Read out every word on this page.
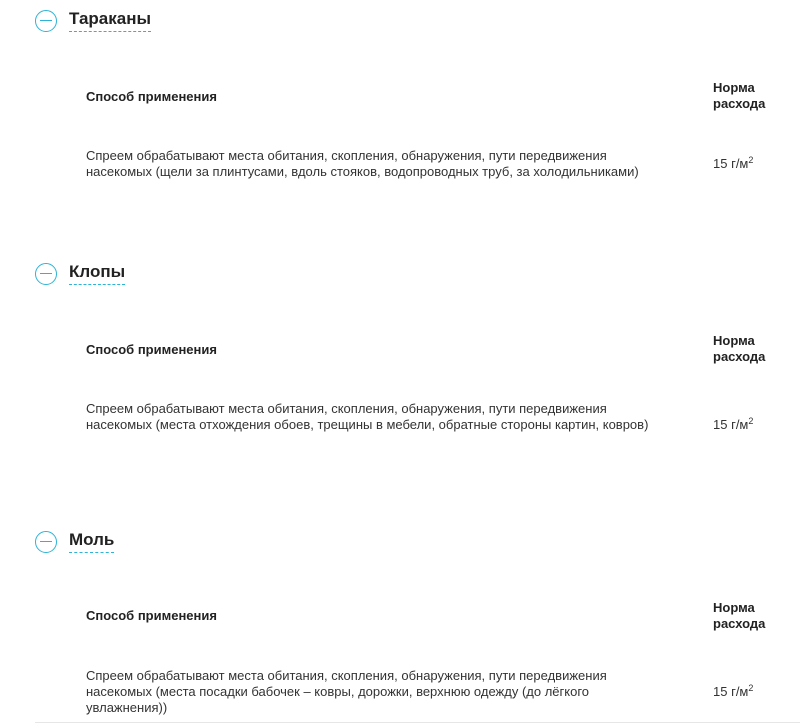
Тараканы
Способ применения
Норма
расхода
Спреем обрабатывают места обитания, скопления, обнаружения, пути передвижения насекомых (щели за плинтусами, вдоль стояков, водопроводных труб, за холодильниками)
15 $г/м^2$
Клопы
Способ применения
Норма
расхода
Спреем обрабатывают места обитания, скопления, обнаружения, пути передвижения насекомых (места отхождения обоев, трещины в мебели, обратные стороны картин, ковров)	15 $г/м^2$
Моль
Способ применения
Норма
расхода
Спреем обрабатывают места обитания, скопления, обнаружения, пути передвижения насекомых (места посадки бабочек – ковры, дорожки, верхнюю одежду (до лёгкого увлажнения))
15 $г/м^2$
